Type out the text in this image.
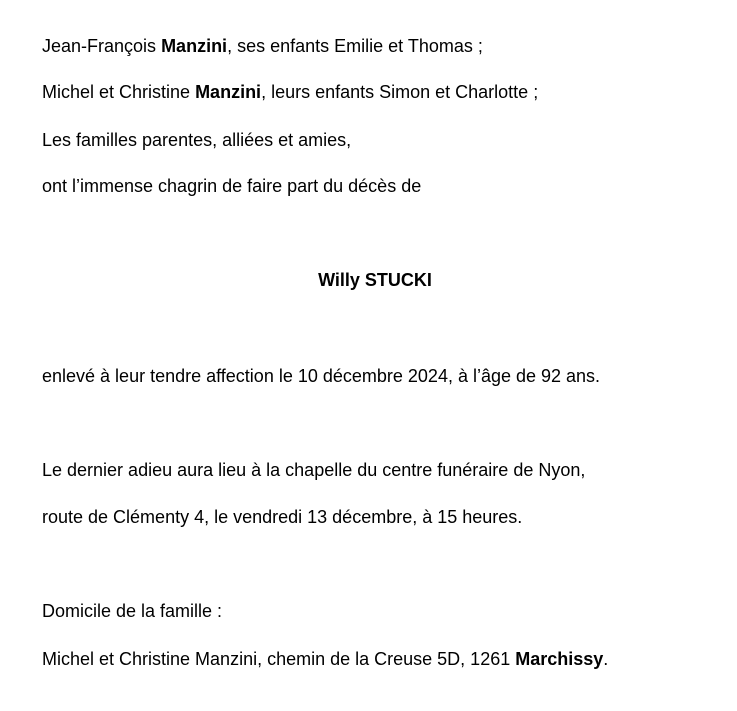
Jean-François Manzini, ses enfants Emilie et Thomas ;
Michel et Christine Manzini, leurs enfants Simon et Charlotte ;
Les familles parentes, alliées et amies,
ont l’immense chagrin de faire part du décès de
Willy STUCKI
enlevé à leur tendre affection le 10 décembre 2024, à l’âge de 92 ans.
Le dernier adieu aura lieu à la chapelle du centre funéraire de Nyon,
route de Clémenty 4, le vendredi 13 décembre, à 15 heures.
Domicile de la famille :
Michel et Christine Manzini, chemin de la Creuse 5D, 1261 Marchissy.
